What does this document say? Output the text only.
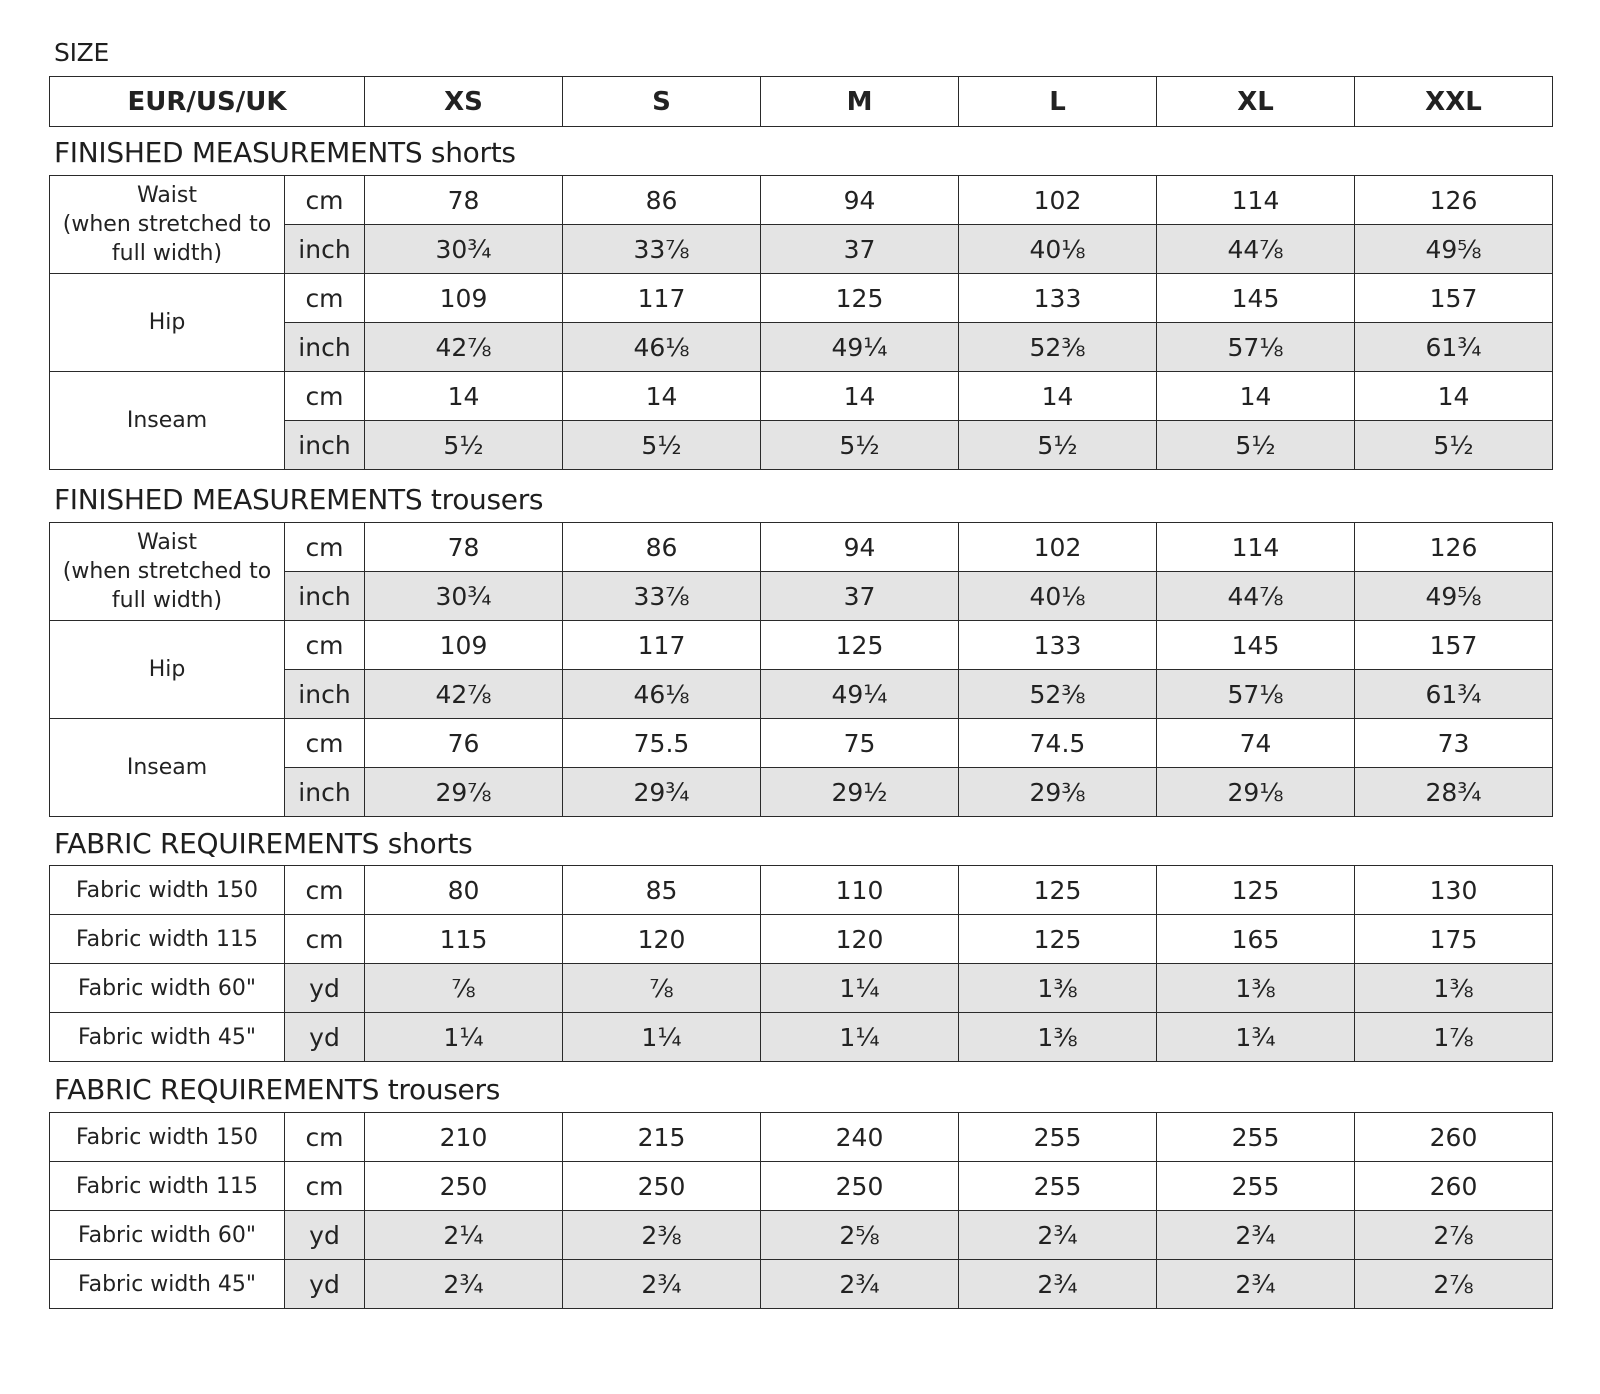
SIZE
EUR/US/UK	XS	S	M	L	XL	XXL
FINISHED MEASUREMENTS shorts
Waist
(when stretched to
full width)	cm	78	86	94	102	114	126
	inch	30¾	33⅞	37	40⅛	44⅞	49⅝
Hip	cm	109	117	125	133	145	157
	inch	42⅞	46⅛	49¼	52⅜	57⅛	61¾
Inseam	cm	14	14	14	14	14	14
	inch	5½	5½	5½	5½	5½	5½
FINISHED MEASUREMENTS trousers
Waist
(when stretched to
full width)	cm	78	86	94	102	114	126
	inch	30¾	33⅞	37	40⅛	44⅞	49⅝
Hip	cm	109	117	125	133	145	157
	inch	42⅞	46⅛	49¼	52⅜	57⅛	61¾
Inseam	cm	76	75.5	75	74.5	74	73
	inch	29⅞	29¾	29½	29⅜	29⅛	28¾
FABRIC REQUIREMENTS shorts
Fabric width 150	cm	80	85	110	125	125	130
Fabric width 115	cm	115	120	120	125	165	175
Fabric width 60"	yd	⅞	⅞	1¼	1⅜	1⅜	1⅜
Fabric width 45"	yd	1¼	1¼	1¼	1⅜	1¾	1⅞
FABRIC REQUIREMENTS trousers
Fabric width 150	cm	210	215	240	255	255	260
Fabric width 115	cm	250	250	250	255	255	260
Fabric width 60"	yd	2¼	2⅜	2⅝	2¾	2¾	2⅞
Fabric width 45"	yd	2¾	2¾	2¾	2¾	2¾	2⅞
